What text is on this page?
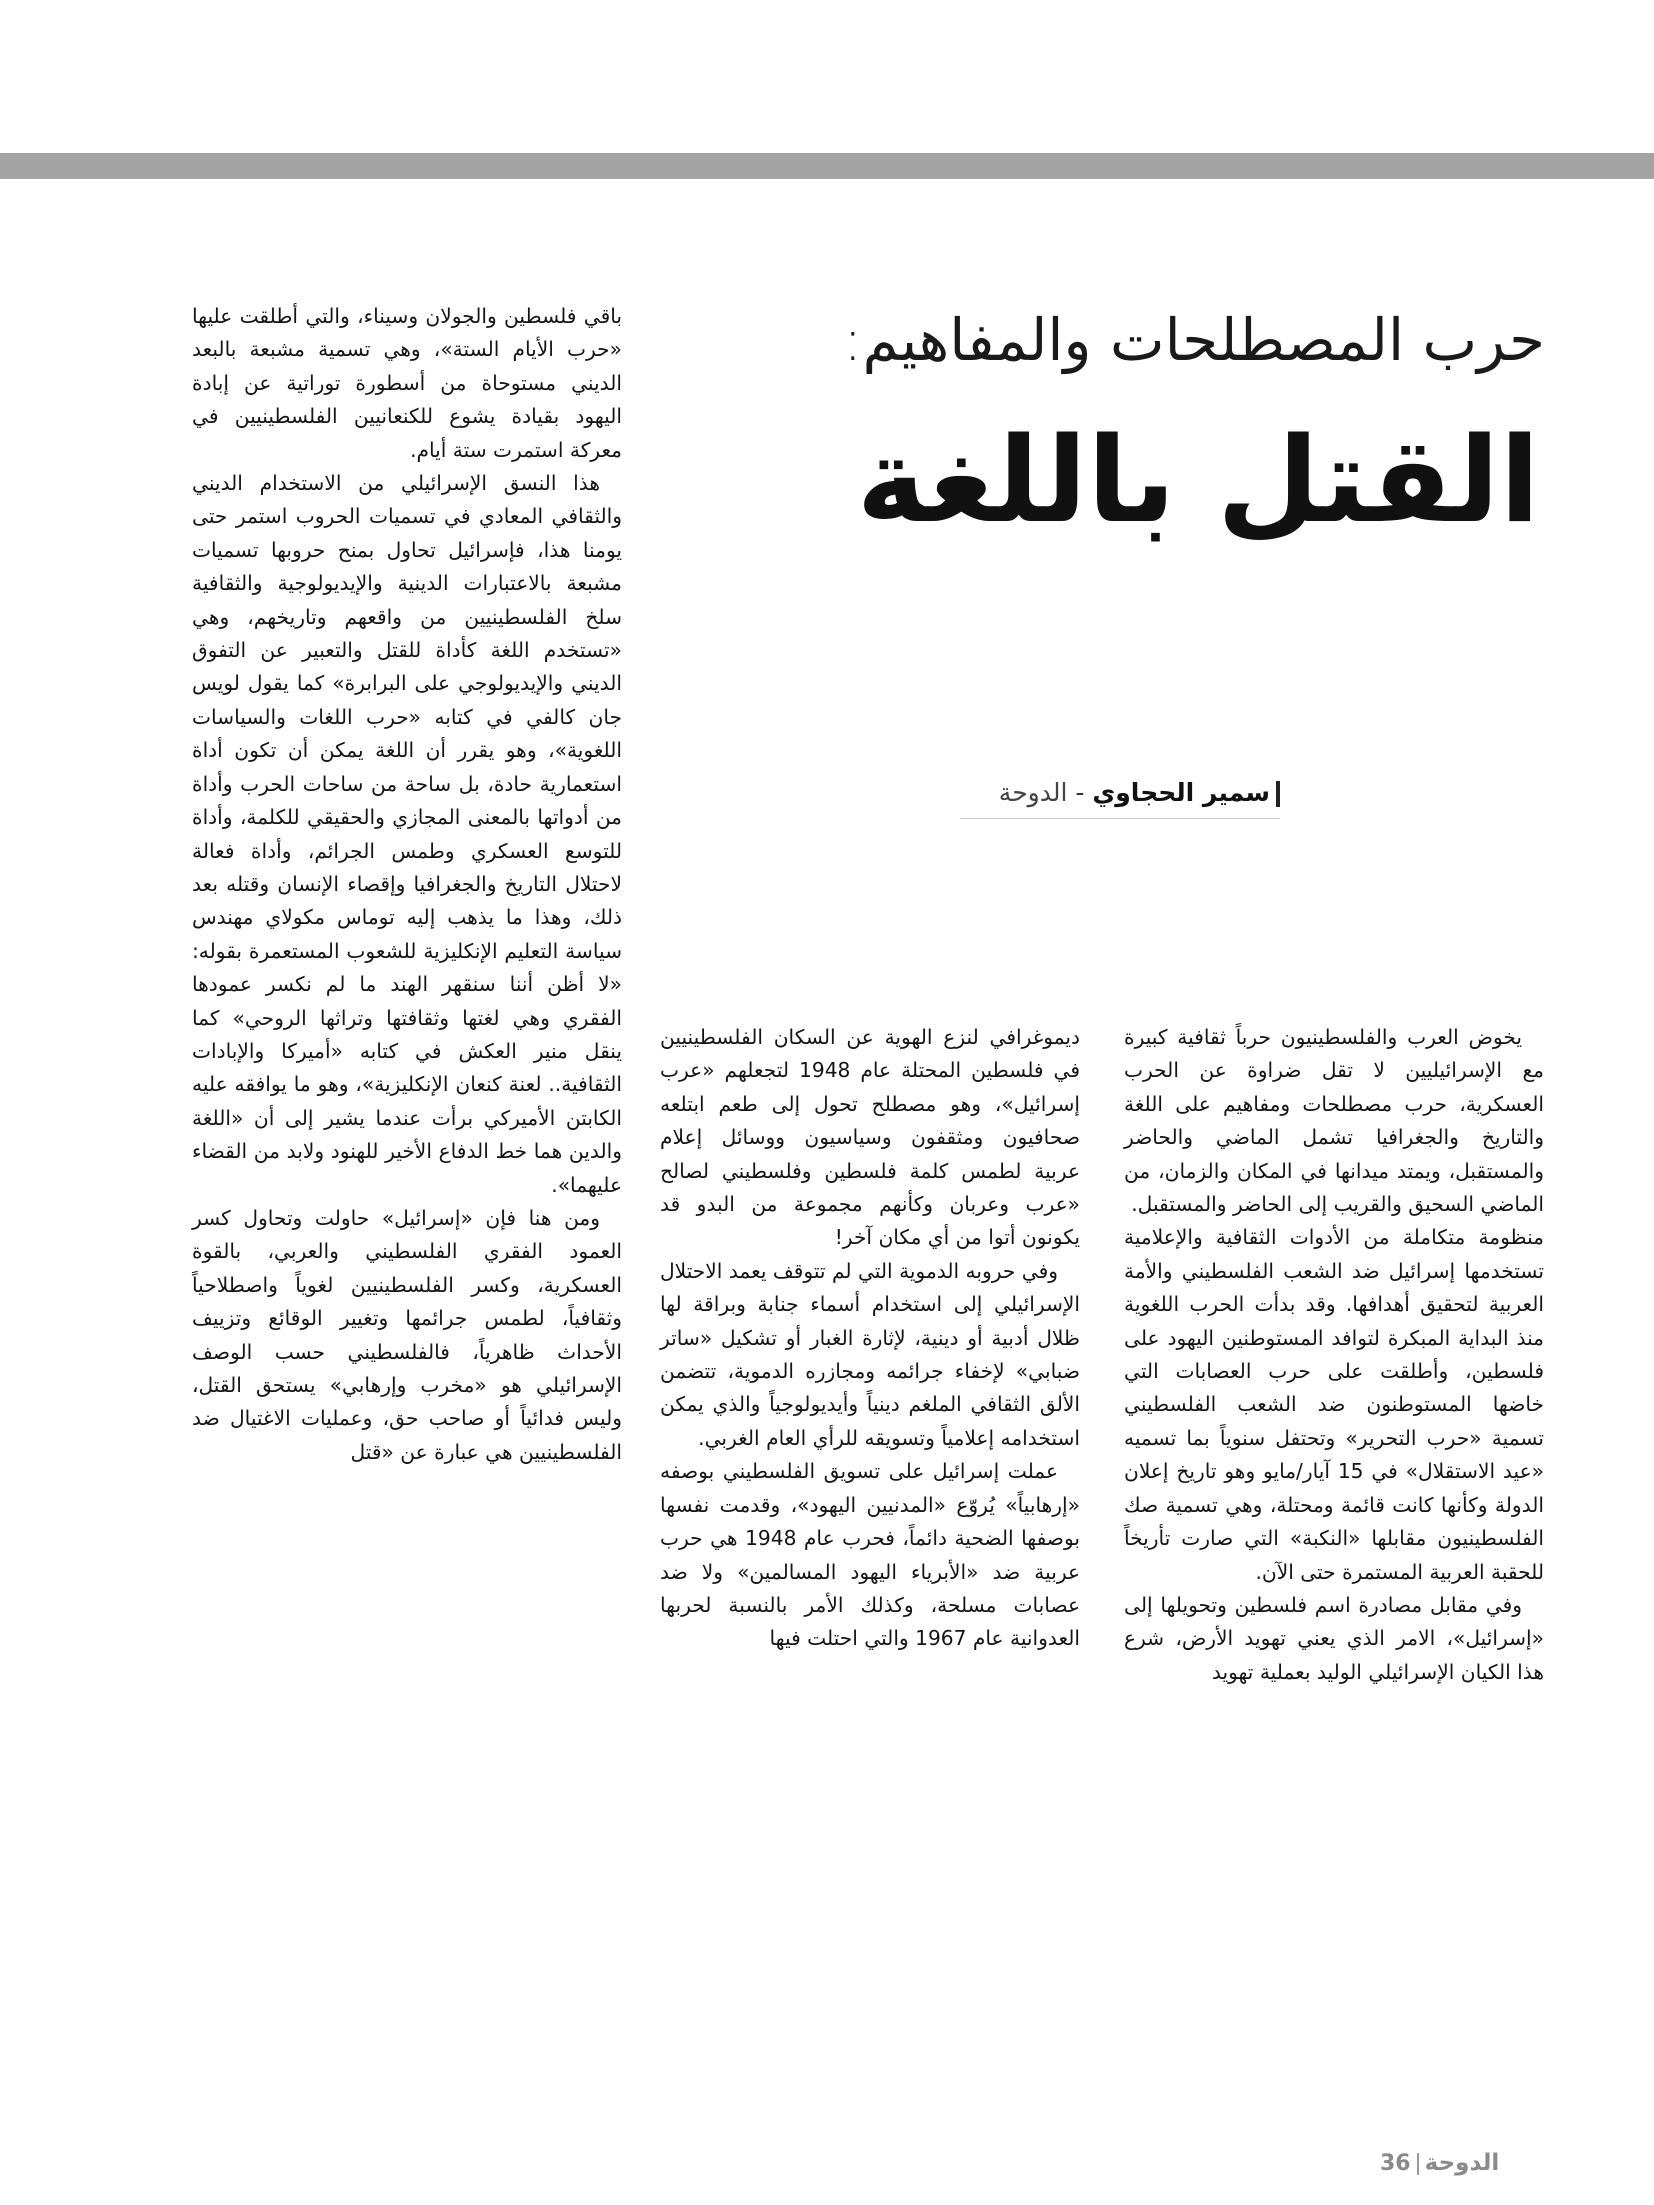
حرب المصطلحات والمفاهيم:
القتل باللغة
سمير الحجاوي - الدوحة

باقي فلسطين والجولان وسيناء، والتي أطلقت عليها «حرب الأيام الستة»، وهي تسمية مشبعة بالبعد الديني مستوحاة من أسطورة توراتية عن إبادة اليهود بقيادة يشوع للكنعانيين الفلسطينيين في معركة استمرت ستة أيام.

هذا النسق الإسرائيلي من الاستخدام الديني والثقافي المعادي في تسميات الحروب استمر حتى يومنا هذا، فإسرائيل تحاول بمنح حروبها تسميات مشبعة بالاعتبارات الدينية والإيديولوجية والثقافية سلخ الفلسطينيين من واقعهم وتاريخهم، وهي «تستخدم اللغة كأداة للقتل والتعبير عن التفوق الديني والإيديولوجي على البرابرة» كما يقول لويس جان كالفي في كتابه «حرب اللغات والسياسات اللغوية»، وهو يقرر أن اللغة يمكن أن تكون أداة استعمارية حادة، بل ساحة من ساحات الحرب وأداة من أدواتها بالمعنى المجازي والحقيقي للكلمة، وأداة للتوسع العسكري وطمس الجرائم، وأداة فعالة لاحتلال التاريخ والجغرافيا وإقصاء الإنسان وقتله بعد ذلك، وهذا ما يذهب إليه توماس مكولاي مهندس سياسة التعليم الإنكليزية للشعوب المستعمرة بقوله: «لا أظن أننا سنقهر الهند ما لم نكسر عمودها الفقري وهي لغتها وثقافتها وتراثها الروحي» كما ينقل منير العكش في كتابه «أميركا والإبادات الثقافية.. لعنة كنعان الإنكليزية»، وهو ما يوافقه عليه الكابتن الأميركي برأت عندما يشير إلى أن «اللغة والدين هما خط الدفاع الأخير للهنود ولابد من القضاء عليهما».

ومن هنا فإن «إسرائيل» حاولت وتحاول كسر العمود الفقري الفلسطيني والعربي، بالقوة العسكرية، وكسر الفلسطينيين لغوياً واصطلاحياً وثقافياً، لطمس جرائمها وتغيير الوقائع وتزييف الأحداث ظاهرياً، فالفلسطيني حسب الوصف الإسرائيلي هو «مخرب وإرهابي» يستحق القتل، وليس فدائياً أو صاحب حق، وعمليات الاغتيال ضد الفلسطينيين هي عبارة عن «قتل

ديموغرافي لنزع الهوية عن السكان الفلسطينيين في فلسطين المحتلة عام 1948 لتجعلهم «عرب إسرائيل»، وهو مصطلح تحول إلى طعم ابتلعه صحافيون ومثقفون وسياسيون ووسائل إعلام عربية لطمس كلمة فلسطين وفلسطيني لصالح «عرب وعربان وكأنهم مجموعة من البدو قد يكونون أتوا من أي مكان آخر!

وفي حروبه الدموية التي لم تتوقف يعمد الاحتلال الإسرائيلي إلى استخدام أسماء جنابة وبراقة لها ظلال أدبية أو دينية، لإثارة الغبار أو تشكيل «ساتر ضبابي» لإخفاء جرائمه ومجازره الدموية، تتضمن الألق الثقافي الملغم دينياً وأيديولوجياً والذي يمكن استخدامه إعلامياً وتسويقه للرأي العام الغربي.

عملت إسرائيل على تسويق الفلسطيني بوصفه «إرهابياً» يُروّع «المدنيين اليهود»، وقدمت نفسها بوصفها الضحية دائماً، فحرب عام 1948 هي حرب عربية ضد «الأبرياء اليهود المسالمين» ولا ضد عصابات مسلحة، وكذلك الأمر بالنسبة لحربها العدوانية عام 1967 والتي احتلت فيها

يخوض العرب والفلسطينيون حرباً ثقافية كبيرة مع الإسرائيليين لا تقل ضراوة عن الحرب العسكرية، حرب مصطلحات ومفاهيم على اللغة والتاريخ والجغرافيا تشمل الماضي والحاضر والمستقبل، ويمتد ميدانها في المكان والزمان، من الماضي السحيق والقريب إلى الحاضر والمستقبل.

منظومة متكاملة من الأدوات الثقافية والإعلامية تستخدمها إسرائيل ضد الشعب الفلسطيني والأمة العربية لتحقيق أهدافها. وقد بدأت الحرب اللغوية منذ البداية المبكرة لتوافد المستوطنين اليهود على فلسطين، وأطلقت على حرب العصابات التي خاضها المستوطنون ضد الشعب الفلسطيني تسمية «حرب التحرير» وتحتفل سنوياً بما تسميه «عيد الاستقلال» في 15 آيار/مايو وهو تاريخ إعلان الدولة وكأنها كانت قائمة ومحتلة، وهي تسمية صك الفلسطينيون مقابلها «النكبة» التي صارت تأريخاً للحقبة العربية المستمرة حتى الآن.

وفي مقابل مصادرة اسم فلسطين وتحويلها إلى «إسرائيل»، الامر الذي يعني تهويد الأرض، شرع هذا الكيان الإسرائيلي الوليد بعملية تهويد

الدوحة36
